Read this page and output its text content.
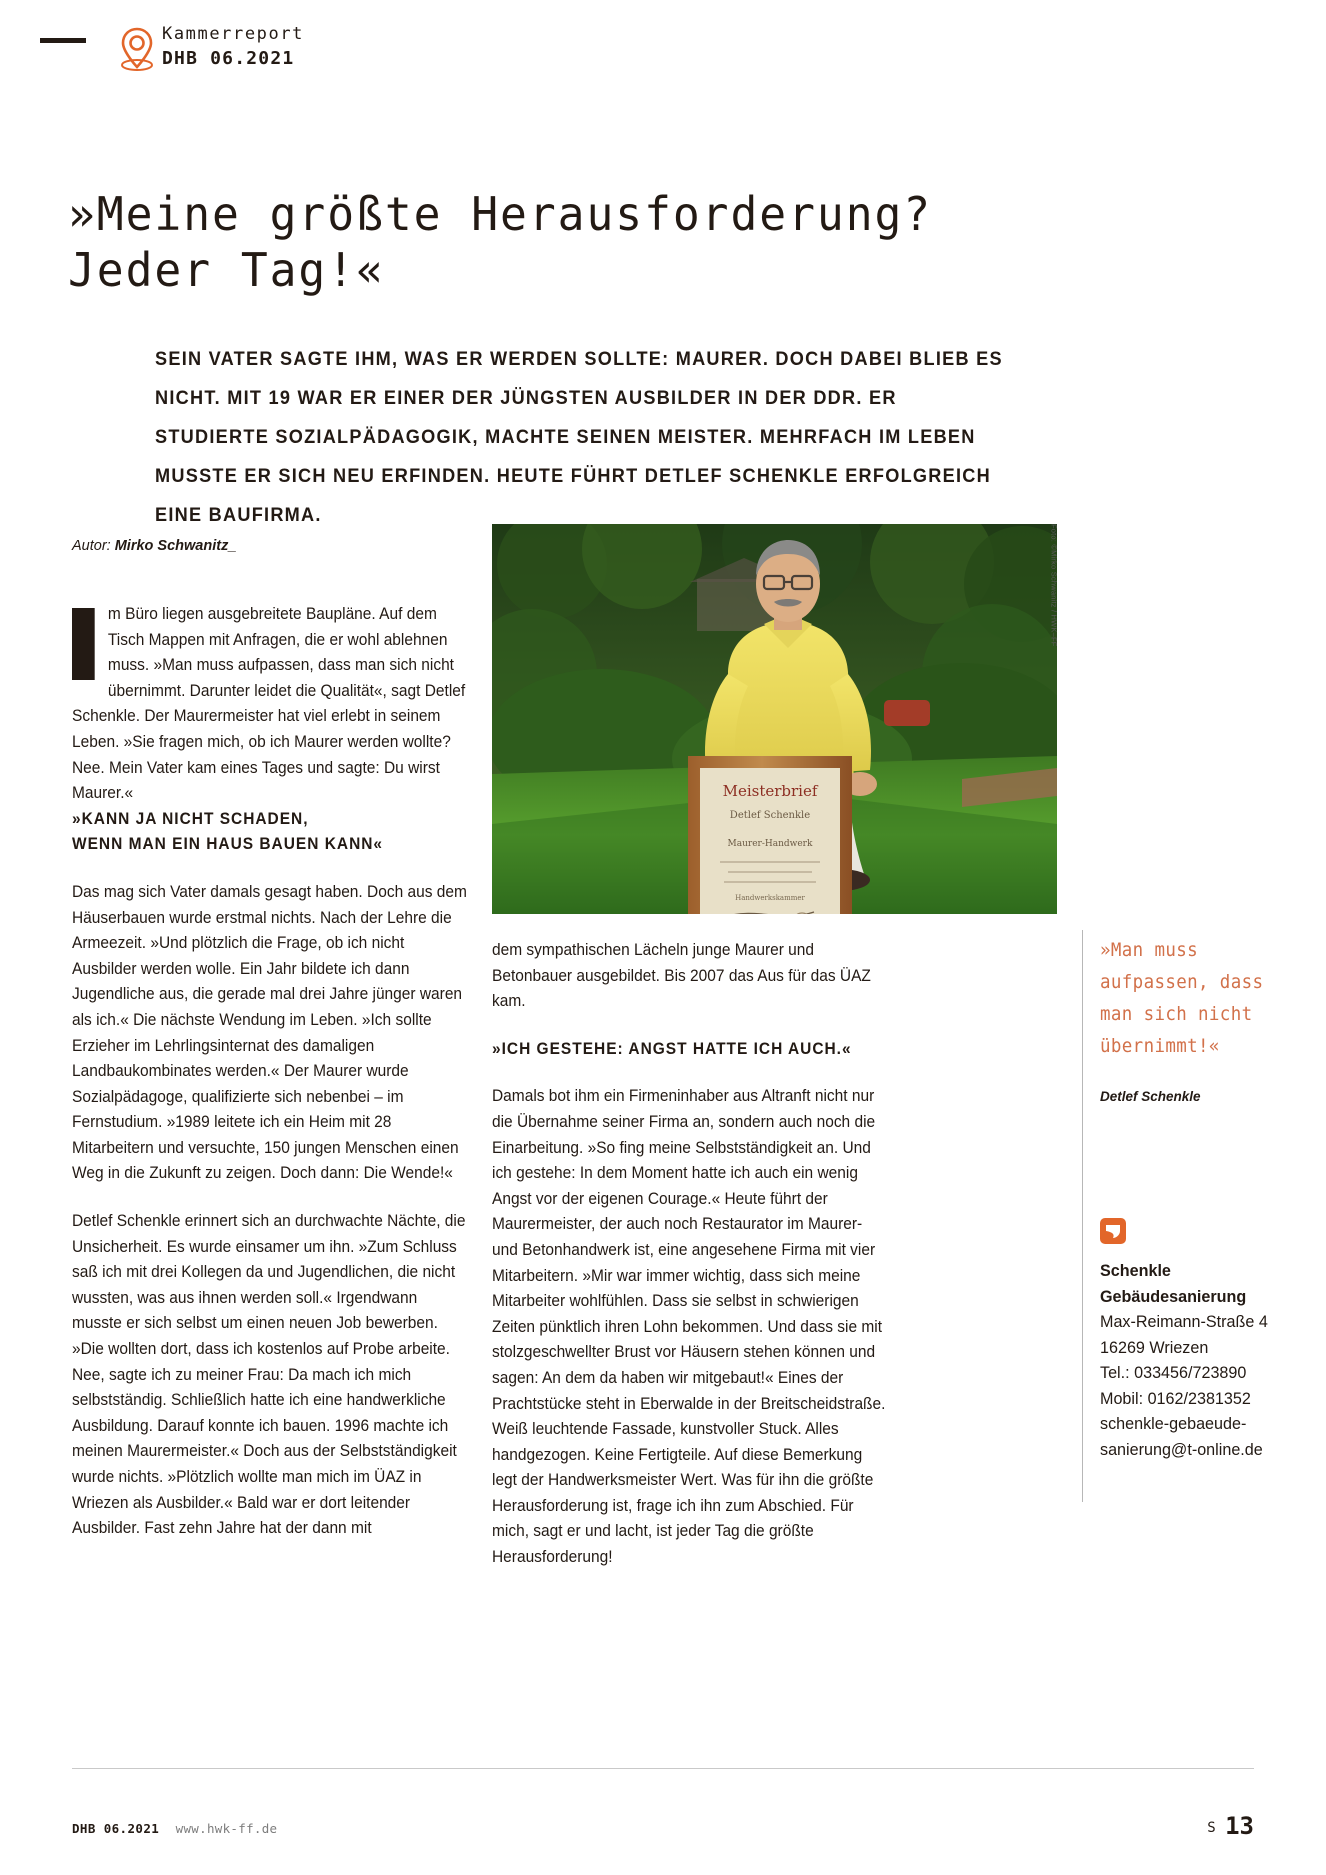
Kammerreport
DHB 06.2021
»Meine größte Herausforderung?
Jeder Tag!«
SEIN VATER SAGTE IHM, WAS ER WERDEN SOLLTE: MAURER. DOCH DABEI BLIEB ES NICHT. MIT 19 WAR ER EINER DER JÜNGSTEN AUSBILDER IN DER DDR. ER STUDIERTE SOZIALPÄDAGOGIK, MACHTE SEINEN MEISTER. MEHRFACH IM LEBEN MUSSTE ER SICH NEU ERFINDEN. HEUTE FÜHRT DETLEF SCHENKLE ERFOLGREICH EINE BAUFIRMA.
Autor: Mirko Schwanitz_
Meisterbrief
Detlef Schenkle
Maurer-Handwerk
Handwerkskammer
Foto: ©Mirko Schwanitz / HWK–FF

m Büro liegen ausgebreitete Baupläne. Auf dem Tisch Mappen mit Anfragen, die er wohl ablehnen muss. »Man muss aufpassen, dass man sich nicht übernimmt. Darunter leidet die Qualität«, sagt Detlef Schenkle. Der Maurermeister hat viel erlebt in seinem Leben. »Sie fragen mich, ob ich Maurer werden wollte? Nee. Mein Vater kam eines Tages und sagte: Du wirst Maurer.«

»KANN JA NICHT SCHADEN,
WENN MAN EIN HAUS BAUEN KANN«

Das mag sich Vater damals gesagt haben. Doch aus dem Häuserbauen wurde erstmal nichts. Nach der Lehre die Armeezeit. »Und plötzlich die Frage, ob ich nicht Ausbilder werden wolle. Ein Jahr bildete ich dann Jugendliche aus, die gerade mal drei Jahre jünger waren als ich.« Die nächste Wendung im Leben. »Ich sollte Erzieher im Lehrlingsinternat des damaligen Landbaukombinates werden.« Der Maurer wurde Sozialpädagoge, qualifizierte sich nebenbei – im Fernstudium. »1989 leitete ich ein Heim mit 28 Mitarbeitern und versuchte, 150 jungen Menschen einen Weg in die Zukunft zu zeigen. Doch dann: Die Wende!«

Detlef Schenkle erinnert sich an durchwachte Nächte, die Unsicherheit. Es wurde einsamer um ihn. »Zum Schluss saß ich mit drei Kollegen da und Jugendlichen, die nicht wussten, was aus ihnen werden soll.« Irgendwann musste er sich selbst um einen neuen Job bewerben. »Die wollten dort, dass ich kostenlos auf Probe arbeite. Nee, sagte ich zu meiner Frau: Da mach ich mich selbstständig. Schließlich hatte ich eine handwerkliche Ausbildung. Darauf konnte ich bauen. 1996 machte ich meinen Maurermeister.« Doch aus der Selbstständigkeit wurde nichts. »Plötzlich wollte man mich im ÜAZ in Wriezen als Ausbilder.« Bald war er dort leitender Ausbilder. Fast zehn Jahre hat der dann mit

dem sympathischen Lächeln junge Maurer und Betonbauer ausgebildet. Bis 2007 das Aus für das ÜAZ kam.

»ICH GESTEHE: ANGST HATTE ICH AUCH.«

Damals bot ihm ein Firmeninhaber aus Altranft nicht nur die Übernahme seiner Firma an, sondern auch noch die Einarbeitung. »So fing meine Selbstständigkeit an. Und ich gestehe: In dem Moment hatte ich auch ein wenig Angst vor der eigenen Courage.« Heute führt der Maurermeister, der auch noch Restaurator im Maurer- und Betonhandwerk ist, eine angesehene Firma mit vier Mitarbeitern. »Mir war immer wichtig, dass sich meine Mitarbeiter wohlfühlen. Dass sie selbst in schwierigen Zeiten pünktlich ihren Lohn bekommen. Und dass sie mit stolzgeschwellter Brust vor Häusern stehen können und sagen: An dem da haben wir mitgebaut!« Eines der Prachtstücke steht in Eberwalde in der Breitscheidstraße. Weiß leuchtende Fassade, kunstvoller Stuck. Alles handgezogen. Keine Fertigteile. Auf diese Bemerkung legt der Handwerksmeister Wert. Was für ihn die größte Herausforderung ist, frage ich ihn zum Abschied. Für mich, sagt er und lacht, ist jeder Tag die größte Herausforderung!

»Man muss aufpassen, dass man sich nicht übernimmt!«
Detlef Schenkle
Schenkle
Gebäudesanierung
Max-Reimann-Straße 4
16269 Wriezen
Tel.: 033456/723890
Mobil: 0162/2381352
schenkle-gebaeude-
sanierung@t-online.de
DHB 06.2021 www.hwk-ff.de	S 13
